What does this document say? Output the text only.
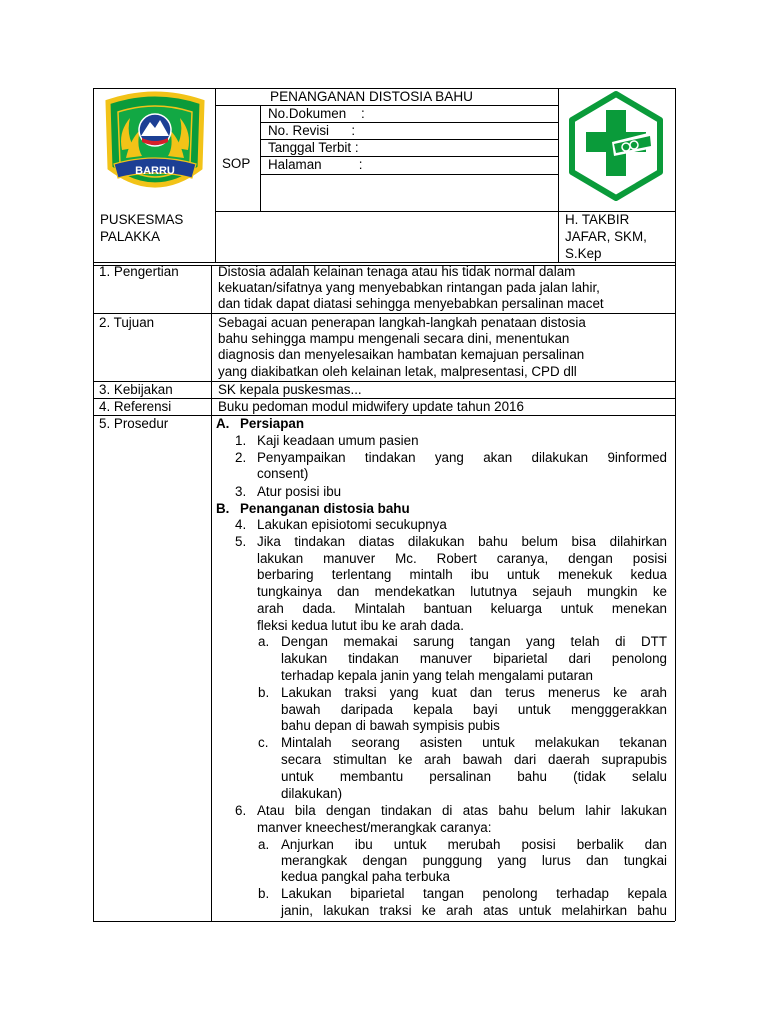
BARRU
PENANGANAN DISTOSIA BAHU
SOP
No.Dokumen    :
No. Revisi      :
Tanggal Terbit :
Halaman          :
PUSKESMAS
PALAKKA
H. TAKBIR
JAFAR, SKM,
S.Kep
1. Pengertian
2. Tujuan
3. Kebijakan
4. Referensi
5. Prosedur
Distosia adalah kelainan tenaga atau his tidak normal dalam
kekuatan/sifatnya yang menyebabkan rintangan pada jalan lahir,
dan tidak dapat diatasi sehingga menyebabkan persalinan macet
Sebagai acuan penerapan langkah-langkah penataan distosia
bahu sehingga mampu mengenali secara dini, menentukan
diagnosis dan menyelesaikan hambatan kemajuan persalinan
yang diakibatkan oleh kelainan letak, malpresentasi, CPD dll
SK kepala puskesmas...
Buku pedoman modul midwifery update tahun 2016
A. Persiapan
1. Kaji keadaan umum pasien
2. Penyampaikan tindakan yang akan dilakukan 9informed
consent)
3. Atur posisi ibu
B. Penanganan distosia bahu
4. Lakukan episiotomi secukupnya
5. Jika tindakan diatas dilakukan bahu belum bisa dilahirkan
lakukan manuver Mc. Robert caranya, dengan posisi
berbaring terlentang mintalh ibu untuk menekuk kedua
tungkainya dan mendekatkan lututnya sejauh mungkin ke
arah dada. Mintalah bantuan keluarga untuk menekan
fleksi kedua lutut ibu ke arah dada.
a. Dengan memakai sarung tangan yang telah di DTT
lakukan tindakan manuver biparietal dari penolong
terhadap kepala janin yang telah mengalami putaran
b. Lakukan traksi yang kuat dan terus menerus ke arah
bawah daripada kepala bayi untuk mengggerakkan
bahu depan di bawah sympisis pubis
c. Mintalah seorang asisten untuk melakukan tekanan
secara stimultan ke arah bawah dari daerah suprapubis
untuk membantu persalinan bahu (tidak selalu
dilakukan)
6. Atau bila dengan tindakan di atas bahu belum lahir lakukan
manver kneechest/merangkak caranya:
a. Anjurkan ibu untuk merubah posisi berbalik dan
merangkak dengan punggung yang lurus dan tungkai
kedua pangkal paha terbuka
b. Lakukan biparietal tangan penolong terhadap kepala
janin, lakukan traksi ke arah atas untuk melahirkan bahu
